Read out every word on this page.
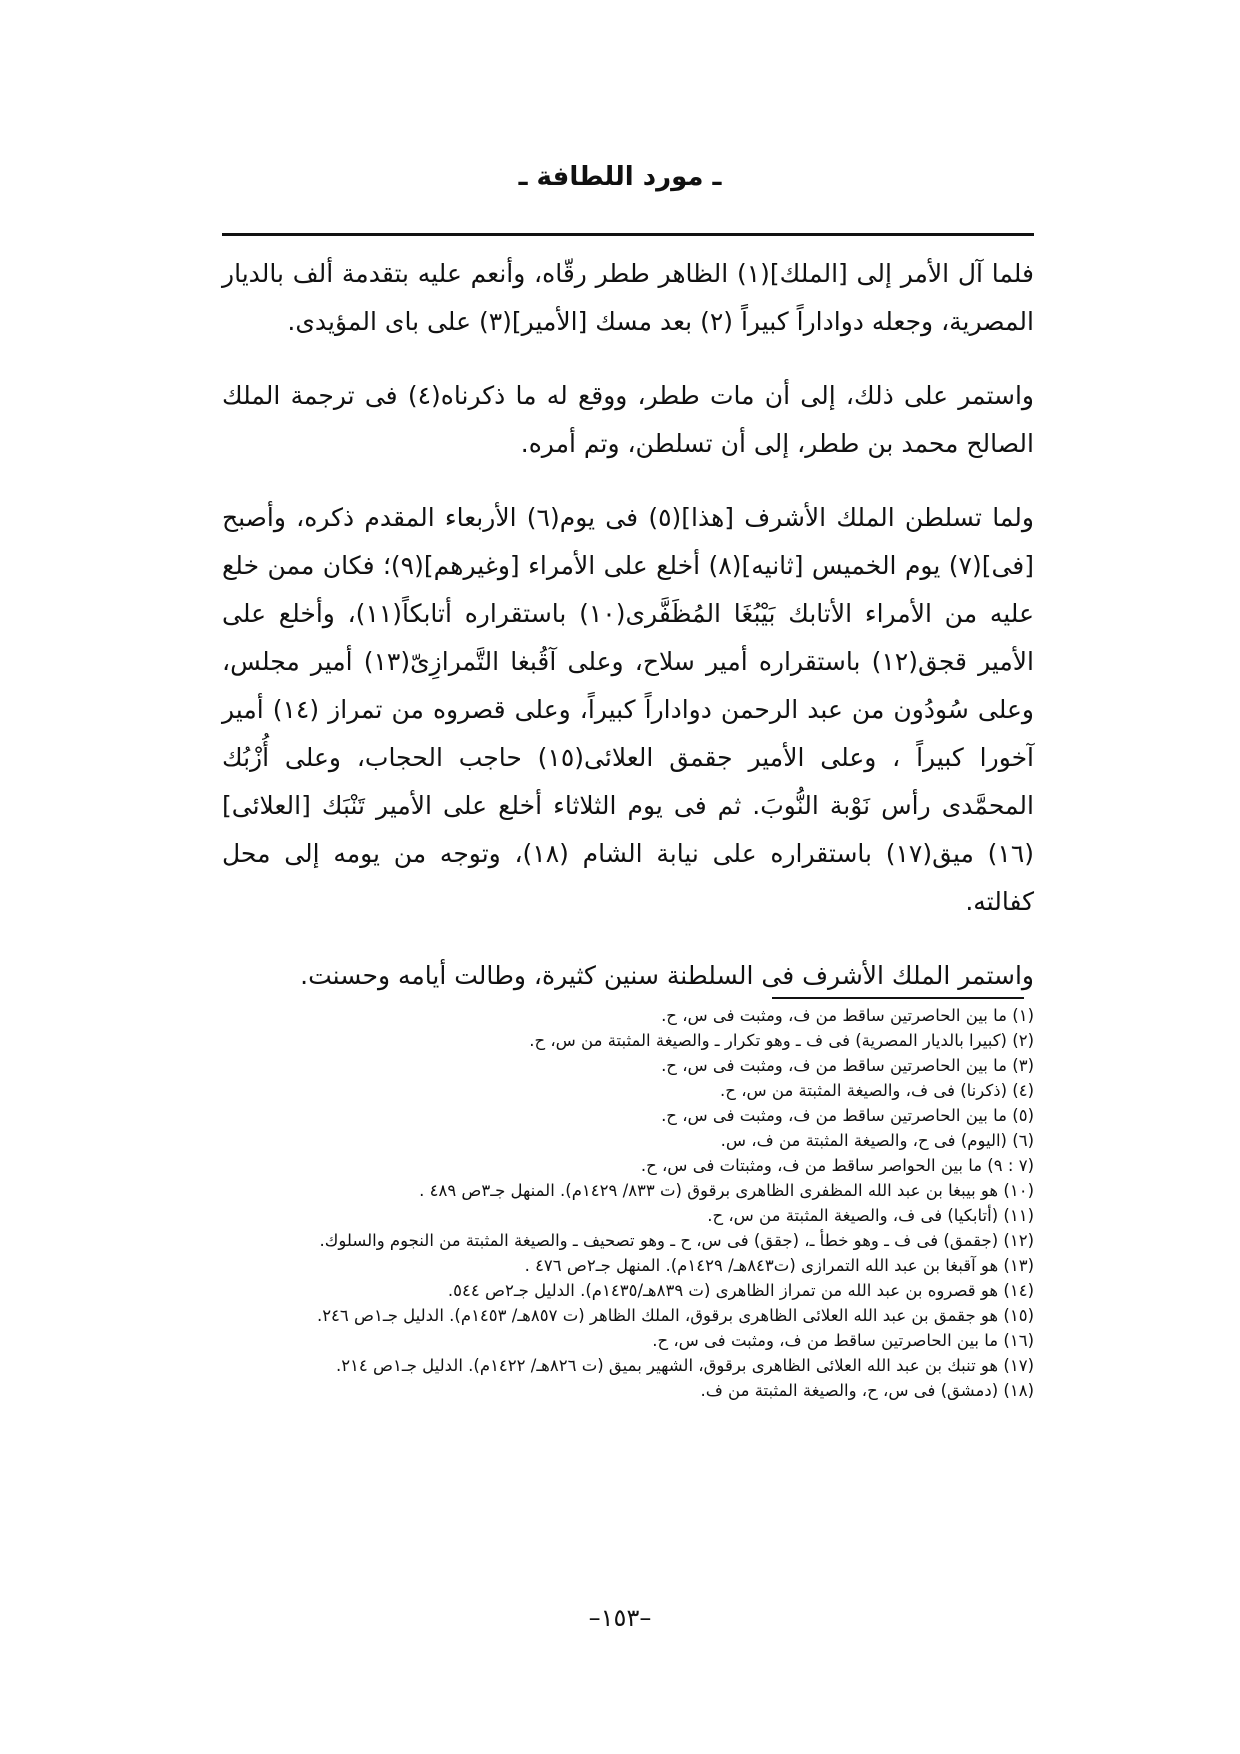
ـ مورد اللطافة ـ

فلما آل الأمر إلى [الملك](١) الظاهر ططر رقّاه، وأنعم عليه بتقدمة ألف بالديار المصرية، وجعله دواداراً كبيراً (٢) بعد مسك [الأمير](٣) على باى المؤيدى.

واستمر على ذلك، إلى أن مات ططر، ووقع له ما ذكرناه(٤) فى ترجمة الملك الصالح محمد بن ططر، إلى أن تسلطن، وتم أمره.

ولما تسلطن الملك الأشرف [هذا](٥) فى يوم(٦) الأربعاء المقدم ذكره، وأصبح [فى](٧) يوم الخميس [ثانيه](٨) أخلع على الأمراء [وغيرهم](٩)؛ فكان ممن خلع عليه من الأمراء الأتابك بَيْبُغَا المُظَفَّرى(١٠) باستقراره أتابكاً(١١)، وأخلع على الأمير قجق(١٢) باستقراره أمير سلاح، وعلى آقُبغا التَّمرازِىّ(١٣) أمير مجلس، وعلى سُودُون من عبد الرحمن دواداراً كبيراً، وعلى قصروه من تمراز (١٤) أمير آخورا كبيراً ، وعلى الأمير جقمق العلائى(١٥) حاجب الحجاب، وعلى أُزْبُك المحمَّدى رأس نَوْبة النُّوبَ. ثم فى يوم الثلاثاء أخلع على الأمير تَنْبَك [العلائى](١٦) ميق(١٧) باستقراره على نيابة الشام (١٨)، وتوجه من يومه إلى محل كفالته.

واستمر الملك الأشرف فى السلطنة سنين كثيرة، وطالت أيامه وحسنت.

(١) ما بين الحاصرتين ساقط من ف، ومثبت فى س، ح.
(٢) (كبيرا بالديار المصرية) فى ف ـ وهو تكرار ـ والصيغة المثبتة من س، ح.
(٣) ما بين الحاصرتين ساقط من ف، ومثبت فى س، ح.
(٤) (ذكرنا) فى ف، والصيغة المثبتة من س، ح.
(٥) ما بين الحاصرتين ساقط من ف، ومثبت فى س، ح.
(٦) (اليوم) فى ح، والصيغة المثبتة من ف، س.
(٧ : ٩) ما بين الحواصر ساقط من ف، ومثبتات فى س، ح.
(١٠) هو بيبغا بن عبد الله المظفرى الظاهرى برقوق (ت ٨٣٣/ ١٤٢٩م). المنهل جـ٣ص ٤٨٩ .
(١١) (أتابكيا) فى ف، والصيغة المثبتة من س، ح.
(١٢) (جقمق) فى ف ـ وهو خطأ ـ، (جقق) فى س، ح ـ وهو تصحيف ـ والصيغة المثبتة من النجوم والسلوك.
(١٣) هو آقبغا بن عبد الله التمرازى (ت٨٤٣هـ/ ١٤٢٩م). المنهل جـ٢ص ٤٧٦ .
(١٤) هو قصروه بن عبد الله من تمراز الظاهرى (ت ٨٣٩هـ/١٤٣٥م). الدليل جـ٢ص ٥٤٤.
(١٥) هو جقمق بن عبد الله العلائى الظاهرى برقوق، الملك الظاهر (ت ٨٥٧هـ/ ١٤٥٣م). الدليل جـ١ص ٢٤٦.
(١٦) ما بين الحاصرتين ساقط من ف، ومثبت فى س، ح.
(١٧) هو تنبك بن عبد الله العلائى الظاهرى برقوق، الشهير بميق (ت ٨٢٦هـ/ ١٤٢٢م). الدليل جـ١ص ٢١٤.
(١٨) (دمشق) فى س، ح، والصيغة المثبتة من ف.
–١٥٣–
